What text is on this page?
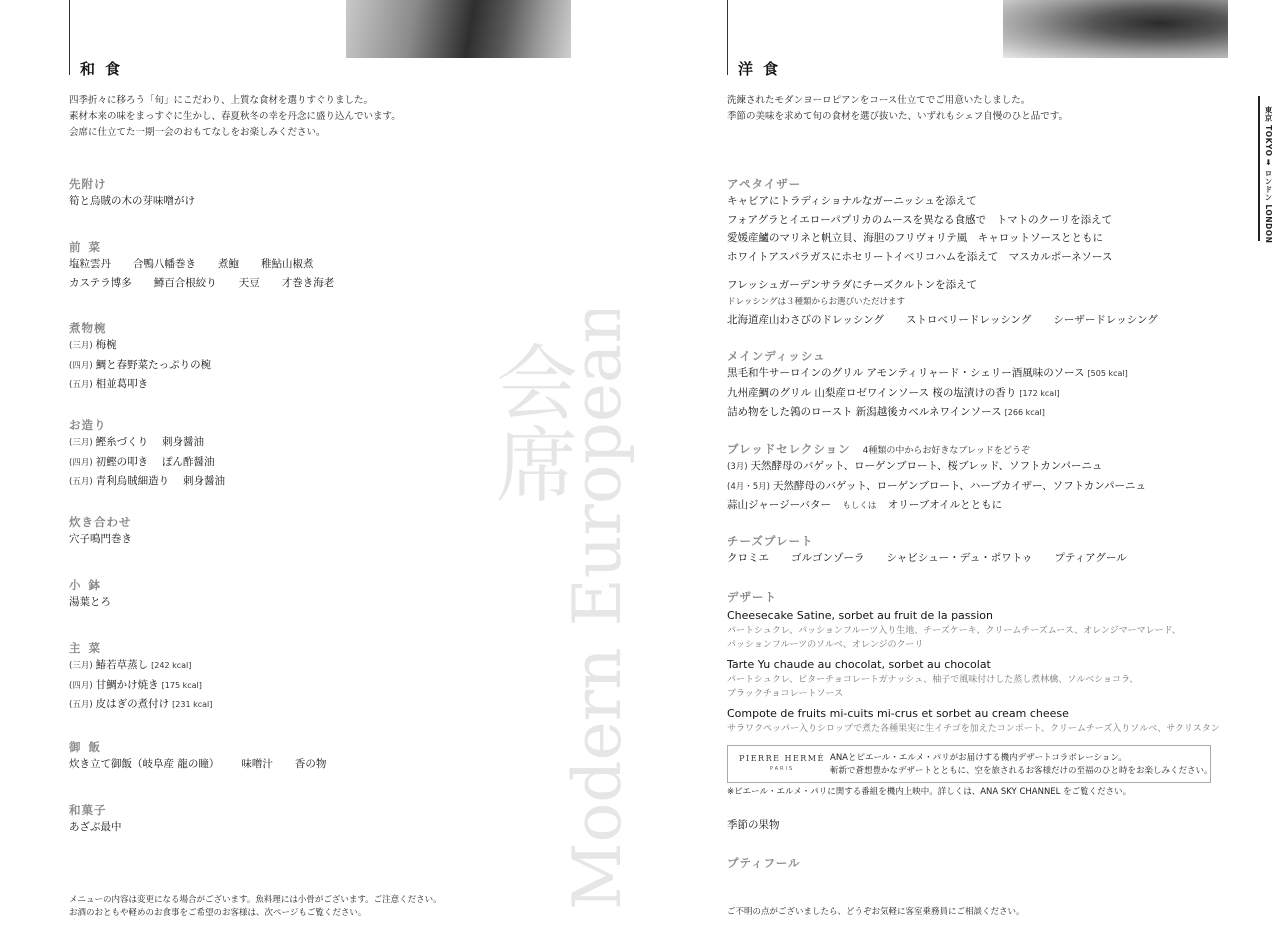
会席
Modern European
和食
四季折々に移ろう「旬」にこだわり、上質な食材を選りすぐりました。
素材本来の味をまっすぐに生かし、春夏秋冬の幸を丹念に盛り込んでいます。
会席に仕立てた一期一会のおもてなしをお楽しみください。
先附け
筍と烏賊の木の芽味噌がけ
前菜
塩粒雲丹 合鴨八幡巻き 煮鮑 稚鮎山椒煮
カステラ博多 鱒百合根絞り 天豆 才巻き海老
煮物椀
(三月) 梅椀
(四月) 鯛と春野菜たっぷりの椀
(五月) 相並葛叩き
お造り
(三月) 鰹糸づくり　 刺身醤油
(四月) 初鰹の叩き　 ぽん酢醤油
(五月) 青利烏賊細造り　 刺身醤油
炊き合わせ
穴子鳴門巻き
小鉢
湯葉とろ
主菜
(三月) 鰆若草蒸し [242 kcal]
(四月) 甘鯛かけ焼き [175 kcal]
(五月) 皮はぎの煮付け [231 kcal]
御飯
炊き立て御飯（岐阜産 龍の瞳） 味噌汁 香の物
和菓子
あざぶ最中
メニューの内容は変更になる場合がございます。魚料理には小骨がございます。ご注意ください。
お酒のおともや軽めのお食事をご希望のお客様は、次ページもご覧ください。
洋食
洗練されたモダンヨーロピアンをコース仕立てでご用意いたしました。
季節の美味を求めて旬の食材を選び抜いた、いずれもシェフ自慢のひと品です。
アペタイザー
キャビアにトラディショナルなガーニッシュを添えて
フォアグラとイエローパプリカのムースを異なる食感で　トマトのクーリを添えて
愛媛産鱸のマリネと帆立貝、海胆のフリヴォリテ風　キャロットソースとともに
ホワイトアスパラガスにホセリートイベリコハムを添えて　マスカルポーネソース
フレッシュガーデンサラダにチーズクルトンを添えて
ドレッシングは３種類からお選びいただけます
北海道産山わさびのドレッシング ストロベリードレッシング シーザードレッシング
メインディッシュ
黒毛和牛サーロインのグリル アモンティリャード・シェリー酒風味のソース [505 kcal]
九州産鯛のグリル 山梨産ロゼワインソース 桜の塩漬けの香り [172 kcal]
詰め物をした鶉のロースト 新潟越後カベルネワインソース [266 kcal]
ブレッドセレクション 4種類の中からお好きなブレッドをどうぞ
(3月) 天然酵母のバゲット、ローゲンブロート、桜ブレッド、ソフトカンパーニュ
(4月・5月) 天然酵母のバゲット、ローゲンブロート、ハーブカイザー、ソフトカンパーニュ
蒜山ジャージーバター もしくは オリーブオイルとともに
チーズプレート
クロミエ ゴルゴンゾーラ シャビシュー・デュ・ポワトゥ プティアグール
デザート
Cheesecake Satine, sorbet au fruit de la passion
パートシュクレ、パッションフルーツ入り生地、チーズケーキ、クリームチーズムース、オレンジマーマレード、
パッションフルーツのソルベ、オレンジのクーリ
Tarte Yu chaude au chocolat, sorbet au chocolat
パートシュクレ、ビターチョコレートガナッシュ、柚子で風味付けした蒸し煮林檎、ソルベショコラ、
ブラックチョコレートソース
Compote de fruits mi-cuits mi-crus et sorbet au cream cheese
サラワクペッパー入りシロップで煮た各種果実に生イチゴを加えたコンポート、クリームチーズ入りソルベ、サクリスタン
PIERRE HERMÉ
PARIS
ANAとピエール・エルメ・パリがお届けする機内デザートコラボレーション。
斬新で蒼想豊かなデザートとともに、空を旅されるお客様だけの至福のひと時をお楽しみください。
※ピエール・エルメ・パリに関する番組を機内上映中。詳しくは、ANA SKY CHANNEL をご覧ください。
季節の果物
プティフール
ご不明の点がございましたら、どうぞお気軽に客室乗務員にご相談ください。
東京 TOKYO➡ロンドン LONDON
